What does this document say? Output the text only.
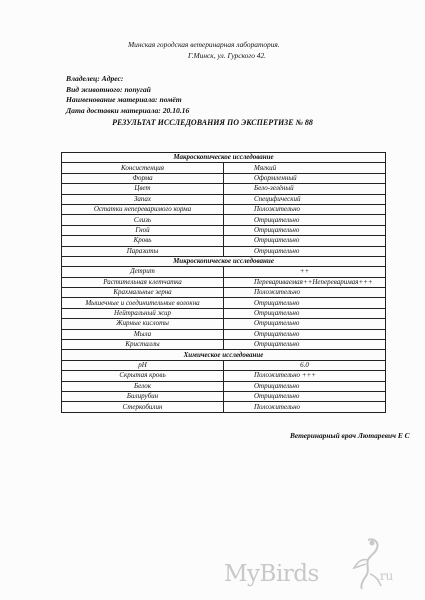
Минская городская ветеринарная лаборатория.
Г.Минск, ул. Гурского 42.
Владелец: Адрес:
Вид животного: попугай
Наименование материала: помёт
Дата доставки материала: 20.10.16
РЕЗУЛЬТАТ ИССЛЕДОВАНИЯ ПО ЭКСПЕРТИЗЕ № 88
Макроскопическое исследование	
Консистенция	Мягкий
Форма	Оформленный
Цвет	Бело-зелёный
Запах	Специфический
Остатки непереваримого корма	Положительно
Слизь	Отрицательно
Гной	Отрицательно
Кровь	Отрицательно
Паразиты	Отрицательно
Микроскопическое исследование	
Детрит	++
Растительная клетчатка	Перевариваемая++Непереваримая+++
Крахмальные зерна	Положительно
Мышечные и соединительные волокна	Отрицательно
Нейтральный жир	Отрицательно
Жирные кислоты	Отрицательно
Мыла	Отрицательно
Кристаллы	Отрицательно
Химическое исследование	
pH	6.0
Скрытая кровь	Положительно +++
Белок	Отрицательно
Билирубин	Отрицательно
Стеркобилин	Положительно
Ветеринарный врач Лютаревич Е С
MyBirds	.ru
